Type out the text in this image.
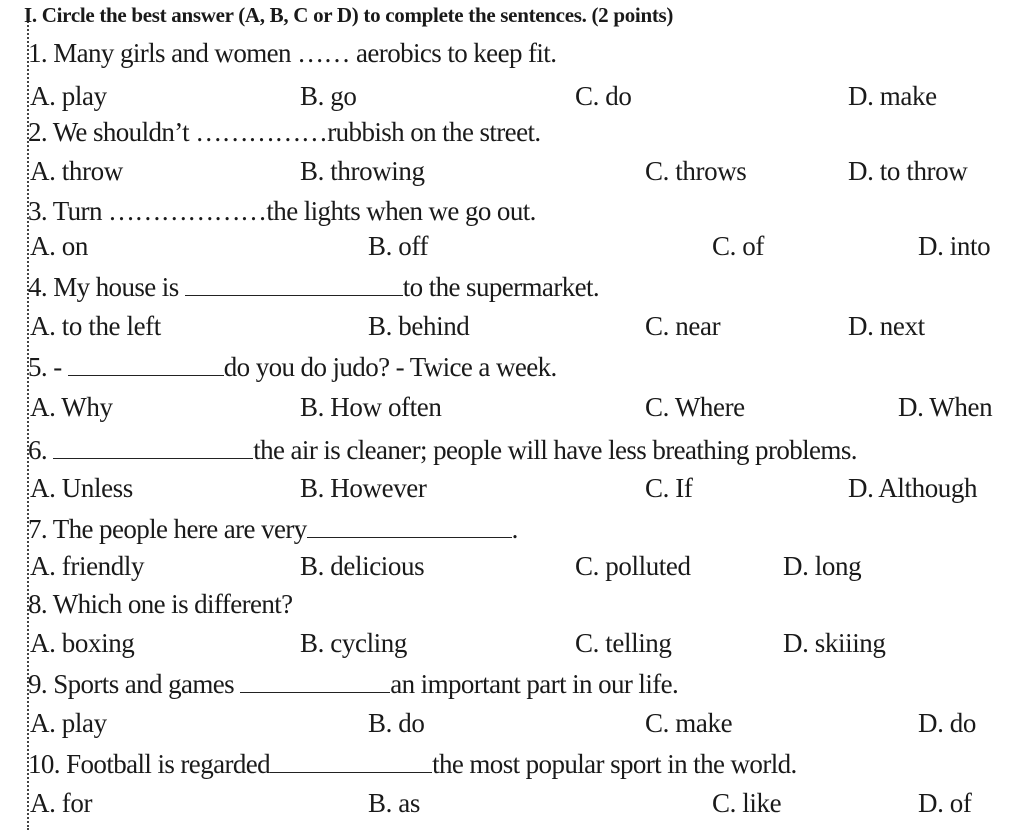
I. Circle the best answer (A, B, C or D) to complete the sentences. (2 points)
1. Many girls and women …… aerobics to keep fit.
A. play	B. go	C. do	D. make
2. We shouldn’t ……………rubbish on the street.
A. throw	B. throwing	C. throws	D. to throw
3. Turn ………………the lights when we go out.
A. on	B. off	C. of	D. into
4. My house is	to the supermarket.
A. to the left	B. behind	C. near	D. next
5. -	do you do judo? - Twice a week.
A. Why	B. How often	C. Where	D. When
6.	the air is cleaner; people will have less breathing problems.
A. Unless	B. However	C. If	D. Although
7. The people here are very	.
A. friendly	B. delicious	C. polluted	D. long
8. Which one is different?
A. boxing	B. cycling	C. telling	D. skiiing
9. Sports and games	an important part in our life.
A. play	B. do	C. make	D. do
10. Football is regarded	the most popular sport in the world.
A. for	B. as	C. like	D. of
